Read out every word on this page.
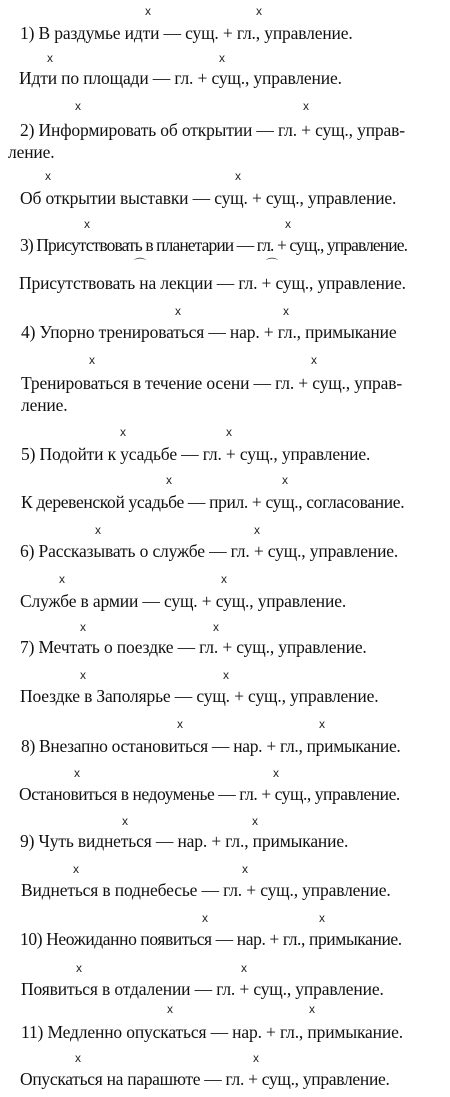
1) В раздумье идти — сущ. + гл., управление.
Идти по площади — гл. + сущ., управление.
2) Информировать об открытии — гл. + сущ., управ-
ление.
Об открытии выставки — сущ. + сущ., управление.
3) Присутствовать в планетарии — гл. + сущ., управление.
Присутствовать на лекции — гл. + сущ., управление.
4) Упорно тренироваться — нар. + гл., примыкание
Тренироваться в течение осени — гл. + сущ., управ-
ление.
5) Подойти к усадьбе — гл. + сущ., управление.
К деревенской усадьбе — прил. + сущ., согласование.
6) Рассказывать о службе — гл. + сущ., управление.
Службе в армии — сущ. + сущ., управление.
7) Мечтать о поездке — гл. + сущ., управление.
Поездке в Заполярье — сущ. + сущ., управление.
8) Внезапно остановиться — нар. + гл., примыкание.
Остановиться в недоуменье — гл. + сущ., управление.
9) Чуть виднеться — нар. + гл., примыкание.
Виднеться в поднебесье — гл. + сущ., управление.
10) Неожиданно появиться — нар. + гл., примыкание.
Появиться в отдалении — гл. + сущ., управление.
11) Медленно опускаться — нар. + гл., примыкание.
Опускаться на парашюте — гл. + сущ., управление.
x	x
x	x
x	x
x	x
x	x
⌒	⌒
x	x
x	x
x	x
x	x
x	x
x	x
x	x
x	x
x	x
x	x
x	x
x	x
x	x
x	x
x	x
x	x
